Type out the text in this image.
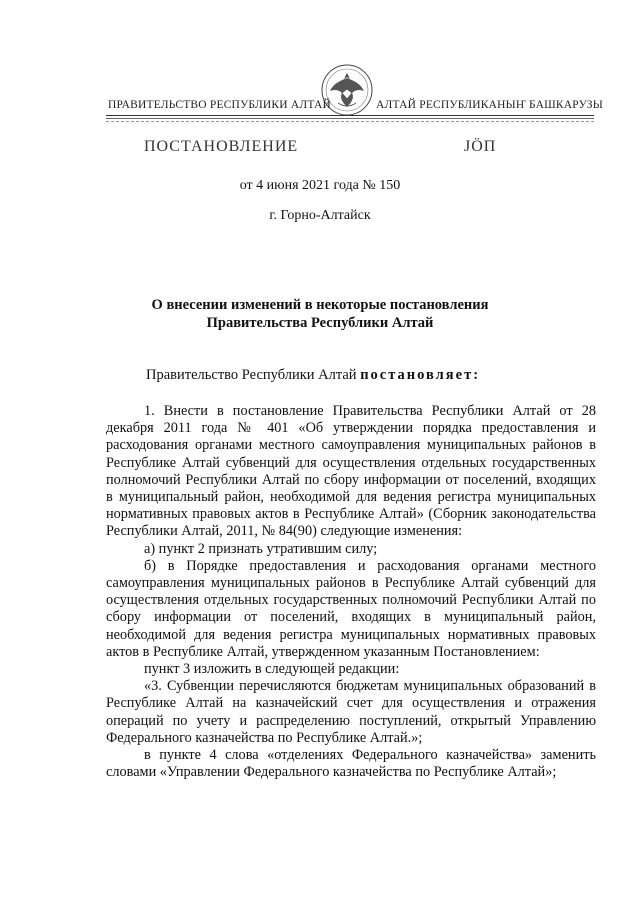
ПРАВИТЕЛЬСТВО РЕСПУБЛИКИ АЛТАЙ	АЛТАЙ РЕСПУБЛИКАНЫҤ БАШКАРУЗЫ
ПОСТАНОВЛЕНИЕ	ЈӦП
от 4 июня 2021 года № 150
г. Горно-Алтайск
О внесении изменений в некоторые постановления
Правительства Республики Алтай
Правительство Республики Алтай постановляет:

1. Внести в постановление Правительства Республики Алтай от 28 декабря 2011 года № 401 «Об утверждении порядка предоставления и расходования органами местного самоуправления муниципальных районов в Республике Алтай субвенций для осуществления отдельных государственных полномочий Республики Алтай по сбору информации от поселений, входящих в муниципальный район, необходимой для ведения регистра муниципальных нормативных правовых актов в Республике Алтай» (Сборник законодательства Республики Алтай, 2011, № 84(90) следующие изменения:

а) пункт 2 признать утратившим силу;

б) в Порядке предоставления и расходования органами местного самоуправления муниципальных районов в Республике Алтай субвенций для осуществления отдельных государственных полномочий Республики Алтай по сбору информации от поселений, входящих в муниципальный район, необходимой для ведения регистра муниципальных нормативных правовых актов в Республике Алтай, утвержденном указанным Постановлением:

пункт 3 изложить в следующей редакции:

«3. Субвенции перечисляются бюджетам муниципальных образований в Республике Алтай на казначейский счет для осуществления и отражения операций по учету и распределению поступлений, открытый Управлению Федерального казначейства по Республике Алтай.»;

в пункте 4 слова «отделениях Федерального казначейства» заменить словами «Управлении Федерального казначейства по Республике Алтай»;
